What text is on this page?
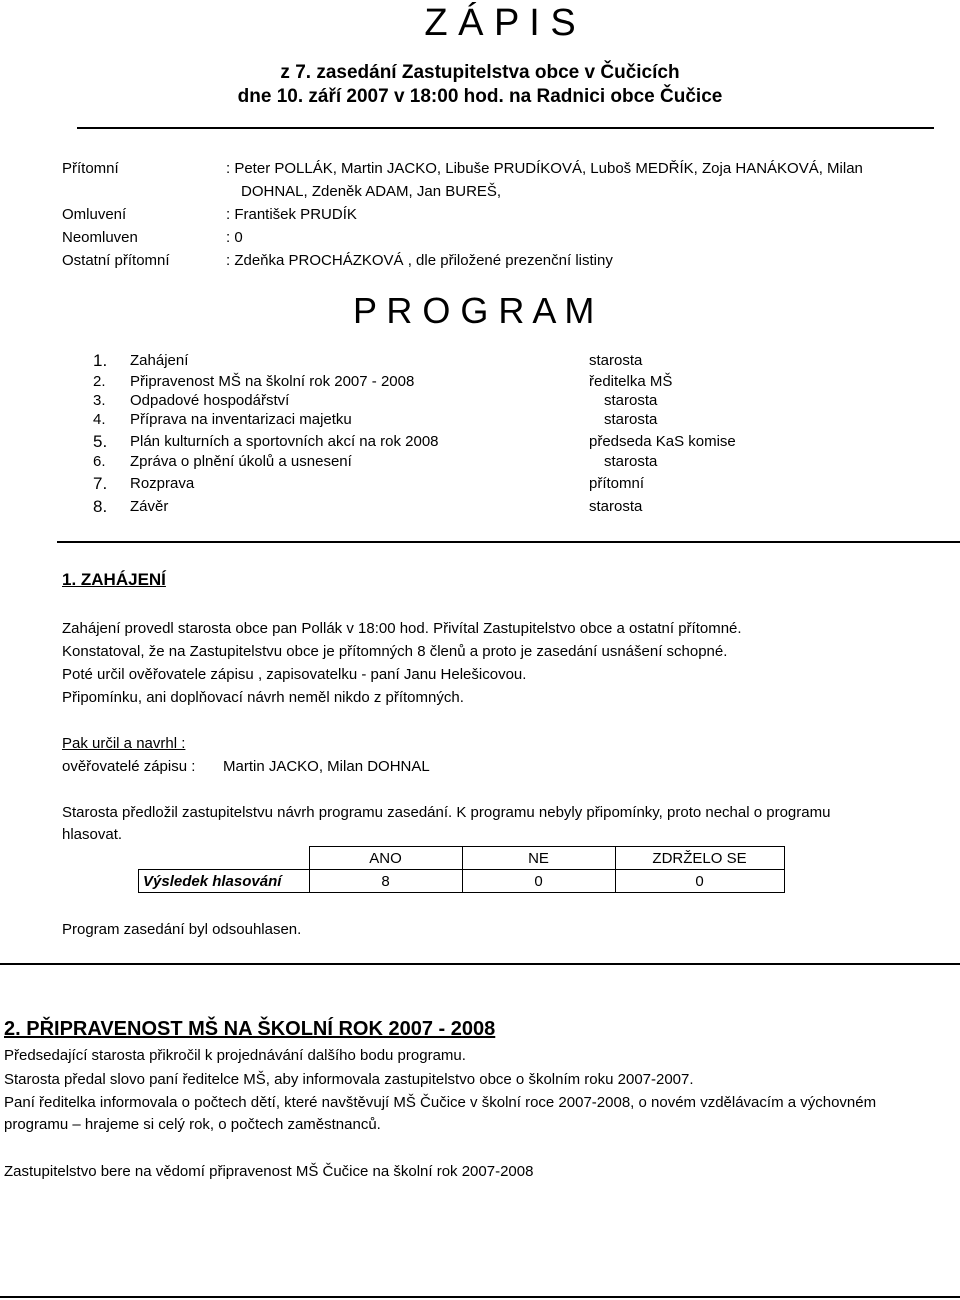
Z Á P I S
z 7. zasedání Zastupitelstva obce v Čučicích
dne 10. září 2007 v 18:00 hod. na Radnici obce Čučice
Přítomní	: Peter POLLÁK, Martin JACKO, Libuše PRUDÍKOVÁ, Luboš MEDŘÍK, Zoja HANÁKOVÁ, Milan
DOHNAL, Zdeněk ADAM, Jan BUREŠ,
Omluvení	: František PRUDÍK
Neomluven	: 0
Ostatní přítomní	: Zdeňka PROCHÁZKOVÁ , dle přiložené prezenční listiny
P R O G R A M
1. Zahájení	starosta
2. Připravenost MŠ na školní rok 2007 - 2008	ředitelka MŠ
3. Odpadové hospodářství	starosta
4. Příprava na inventarizaci majetku	starosta
5. Plán kulturních a sportovních akcí na rok 2008	předseda KaS komise
6. Zpráva o plnění úkolů a usnesení	starosta
7. Rozprava	přítomní
8. Závěr	starosta
1. ZAHÁJENÍ
Zahájení provedl starosta obce pan Pollák v 18:00 hod. Přivítal Zastupitelstvo obce a ostatní přítomné.
Konstatoval, že na Zastupitelstvu obce je přítomných 8 členů a proto je zasedání usnášení schopné.
Poté určil ověřovatele zápisu , zapisovatelku - paní Janu Helešicovou.
Připomínku, ani doplňovací návrh neměl nikdo z přítomných.
Pak určil a navrhl :
ověřovatelé zápisu : Martin JACKO, Milan DOHNAL
Starosta předložil zastupitelstvu návrh programu zasedání. K programu nebyly připomínky, proto nechal o programu
hlasovat.
	ANO	NE	ZDRŽELO SE
Výsledek hlasování	8	0	0
Program zasedání byl odsouhlasen.
2. PŘIPRAVENOST MŠ NA ŠKOLNÍ ROK 2007 - 2008
Předsedající starosta přikročil k projednávání dalšího bodu programu.
Starosta předal slovo paní ředitelce MŠ, aby informovala zastupitelstvo obce o školním roku 2007-2007.
Paní ředitelka informovala o počtech dětí, které navštěvují MŠ Čučice v školní roce 2007-2008, o novém vzdělávacím a výchovném
programu – hrajeme si celý rok, o počtech zaměstnanců.
Zastupitelstvo bere na vědomí připravenost MŠ Čučice na školní rok 2007-2008
